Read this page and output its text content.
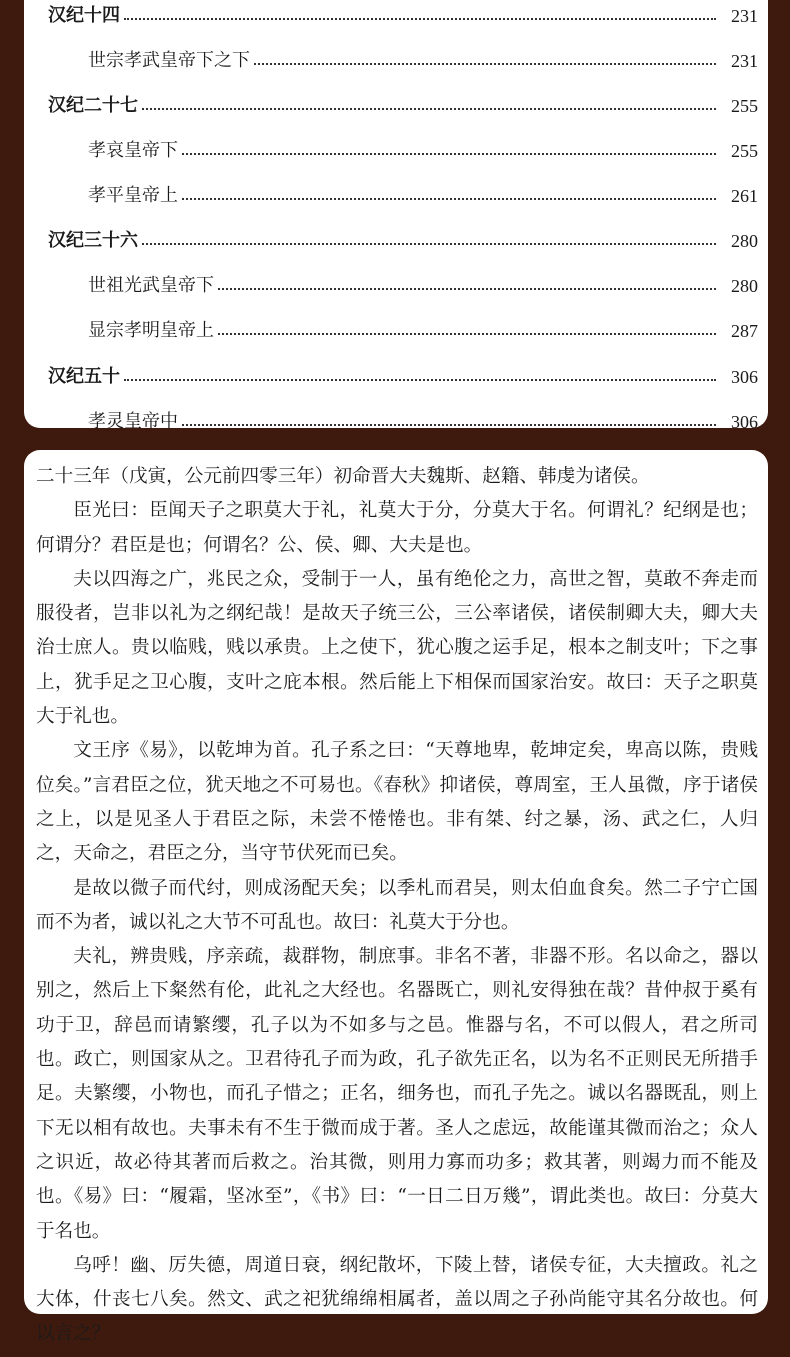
汉纪十四	231
世宗孝武皇帝下之下	231
汉纪二十七	255
孝哀皇帝下	255
孝平皇帝上	261
汉纪三十六	280
世祖光武皇帝下	280
显宗孝明皇帝上	287
汉纪五十	306
孝灵皇帝中	306

二十三年（戊寅，公元前四零三年）初命晋大夫魏斯、赵籍、韩虔为诸侯。

臣光曰：臣闻天子之职莫大于礼，礼莫大于分，分莫大于名。何谓礼？纪纲是也；何谓分？君臣是也；何谓名？公、侯、卿、大夫是也。

夫以四海之广，兆民之众，受制于一人，虽有绝伦之力，高世之智，莫敢不奔走而服役者，岂非以礼为之纲纪哉！是故天子统三公，三公率诸侯，诸侯制卿大夫，卿大夫治士庶人。贵以临贱，贱以承贵。上之使下，犹心腹之运手足，根本之制支叶；下之事上，犹手足之卫心腹，支叶之庇本根。然后能上下相保而国家治安。故曰：天子之职莫大于礼也。

文王序《易》，以乾坤为首。孔子系之曰：“天尊地卑，乾坤定矣，卑高以陈，贵贱位矣。”言君臣之位，犹天地之不可易也。《春秋》抑诸侯，尊周室，王人虽微，序于诸侯之上，以是见圣人于君臣之际，未尝不惓惓也。非有桀、纣之暴，汤、武之仁，人归之，天命之，君臣之分，当守节伏死而已矣。

是故以微子而代纣，则成汤配天矣；以季札而君吴，则太伯血食矣。然二子宁亡国而不为者，诚以礼之大节不可乱也。故曰：礼莫大于分也。

夫礼，辨贵贱，序亲疏，裁群物，制庶事。非名不著，非器不形。名以命之，器以别之，然后上下粲然有伦，此礼之大经也。名器既亡，则礼安得独在哉？昔仲叔于奚有功于卫，辞邑而请繁缨，孔子以为不如多与之邑。惟器与名，不可以假人，君之所司也。政亡，则国家从之。卫君待孔子而为政，孔子欲先正名，以为名不正则民无所措手足。夫繁缨，小物也，而孔子惜之；正名，细务也，而孔子先之。诚以名器既乱，则上下无以相有故也。夫事未有不生于微而成于著。圣人之虑远，故能谨其微而治之；众人之识近，故必待其著而后救之。治其微，则用力寡而功多；救其著，则竭力而不能及也。《易》曰：“履霜，坚冰至”，《书》曰：“一日二日万幾”，谓此类也。故曰：分莫大于名也。

乌呼！幽、厉失德，周道日衰，纲纪散坏，下陵上替，诸侯专征，大夫擅政。礼之大体，什丧七八矣。然文、武之祀犹绵绵相属者，盖以周之子孙尚能守其名分故也。何以言之？
